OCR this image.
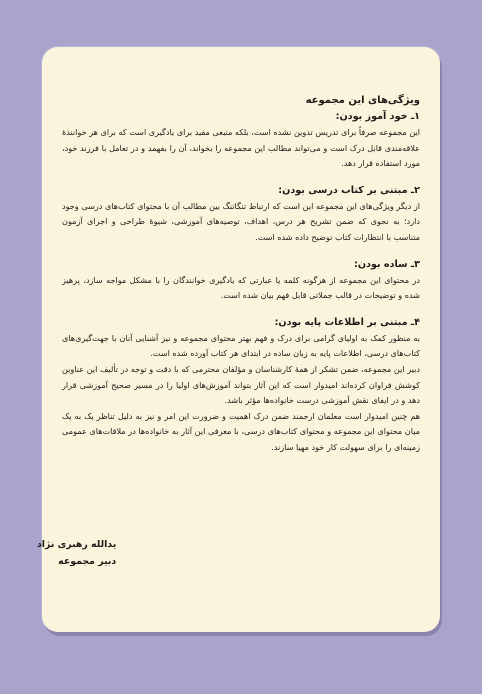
ویژگی‌های این مجموعه
۱ـ خود آموز بودن:

این مجموعه صرفاً برای تدریس تدوین نشده است، بلکه منبعی مفید برای یادگیری است که برای هر خوانندهٔ علاقه‌مندی قابل درک است و می‌تواند مطالب این مجموعه را بخواند، آن را بفهمد و در تعامل با فرزند خود، مورد استفاده قرار دهد.

۲ـ مبتنی بر کتاب درسی بودن:

از دیگر ویژگی‌های این مجموعه این است که ارتباط تنگاتنگ بین مطالب آن با محتوای کتاب‌های درسی وجود دارد؛ به نحوی که ضمن تشریح هر درس، اهداف، توصیه‌های آموزشی، شیوهٔ طراحی و اجرای آزمون متناسب با انتظارات کتاب توضیح داده شده است.

۳ـ ساده بودن:

در محتوای این مجموعه از هرگونه کلمه یا عبارتی که یادگیری خوانندگان را با مشکل مواجه سازد، پرهیز شده و توضیحات در قالب جملاتی قابل فهم بیان شده است.

۴ـ مبتنی بر اطلاعات پایه بودن:

به منظور کمک به اولیای گرامی برای درک و فهم بهتر محتوای مجموعه و نیز آشنایی آنان با جهت‌گیری‌های کتاب‌های درسی، اطلاعات پایه به زبان ساده در ابتدای هر کتاب آورده شده است.

دبیر این مجموعه، ضمن تشکر از همهٔ کارشناسان و مؤلفان محترمی که با دقت و توجه در تألیف این عناوین کوشش فراوان کرده‌اند امیدوار است که این آثار بتواند آموزش‌های اولیا را در مسیر صحیح آموزشی قرار دهد و در ایفای نقش آموزشی درست خانواده‌ها مؤثر باشد.

هم چنین امیدوار است معلمان ارجمند ضمن درک اهمیت و ضرورت این امر و نیز به دلیل تناظر یک به یک میان محتوای این مجموعه و محتوای کتاب‌های درسی، با معرفی این آثار به خانواده‌ها در ملاقات‌های عمومی زمینه‌ای را برای سهولت کار خود مهیا سازند.

یدالله رهبری نژاد
دبیر مجموعه
